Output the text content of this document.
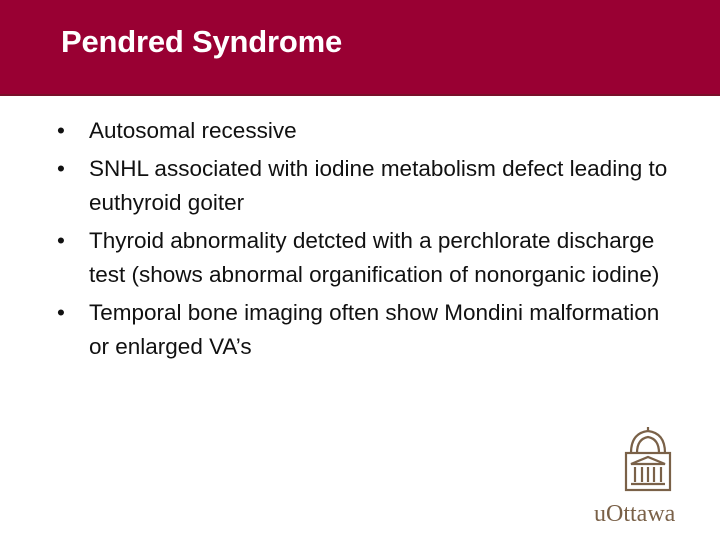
Pendred Syndrome
•	Autosomal recessive
•	SNHL associated with iodine metabolism defect leading to euthyroid goiter
•	Thyroid abnormality detcted with a perchlorate discharge test (shows abnormal organification of nonorganic iodine)
•	Temporal bone imaging often show Mondini malformation or enlarged VA’s
uOttawa
